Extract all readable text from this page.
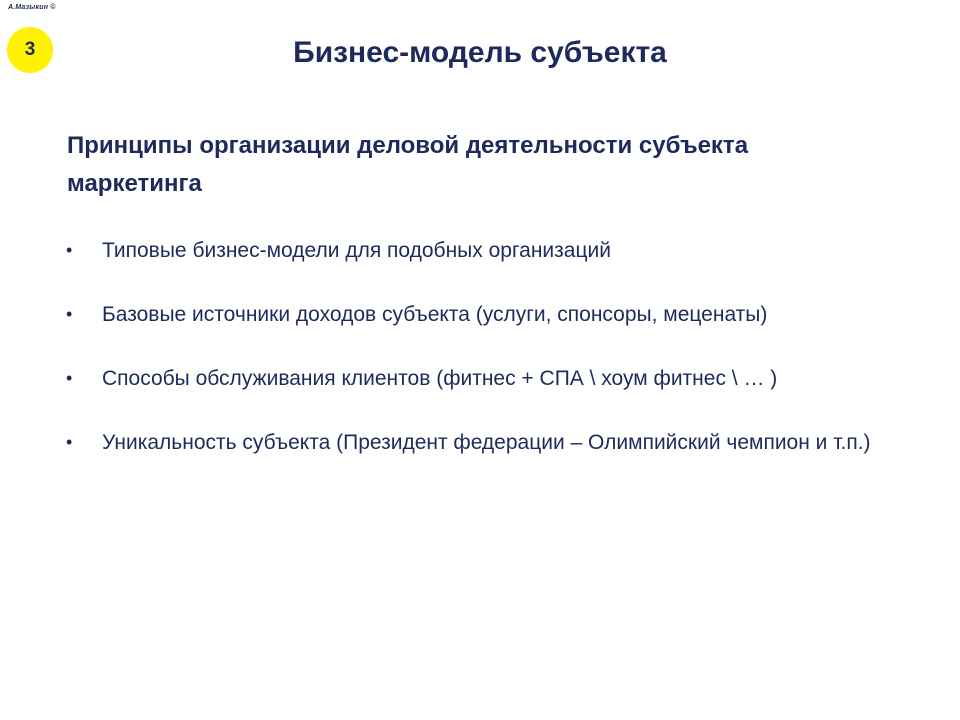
A.Mазыкин ©
3	Бизнес-модель субъекта
Принципы организации деловой деятельности субъекта маркетинга
• Типовые бизнес-модели для подобных организаций
• Базовые источники доходов субъекта (услуги, спонсоры, меценаты)
• Способы обслуживания клиентов (фитнес + СПА \ хоум фитнес \ … )
• Уникальность субъекта (Президент федерации – Олимпийский чемпион и т.п.)
